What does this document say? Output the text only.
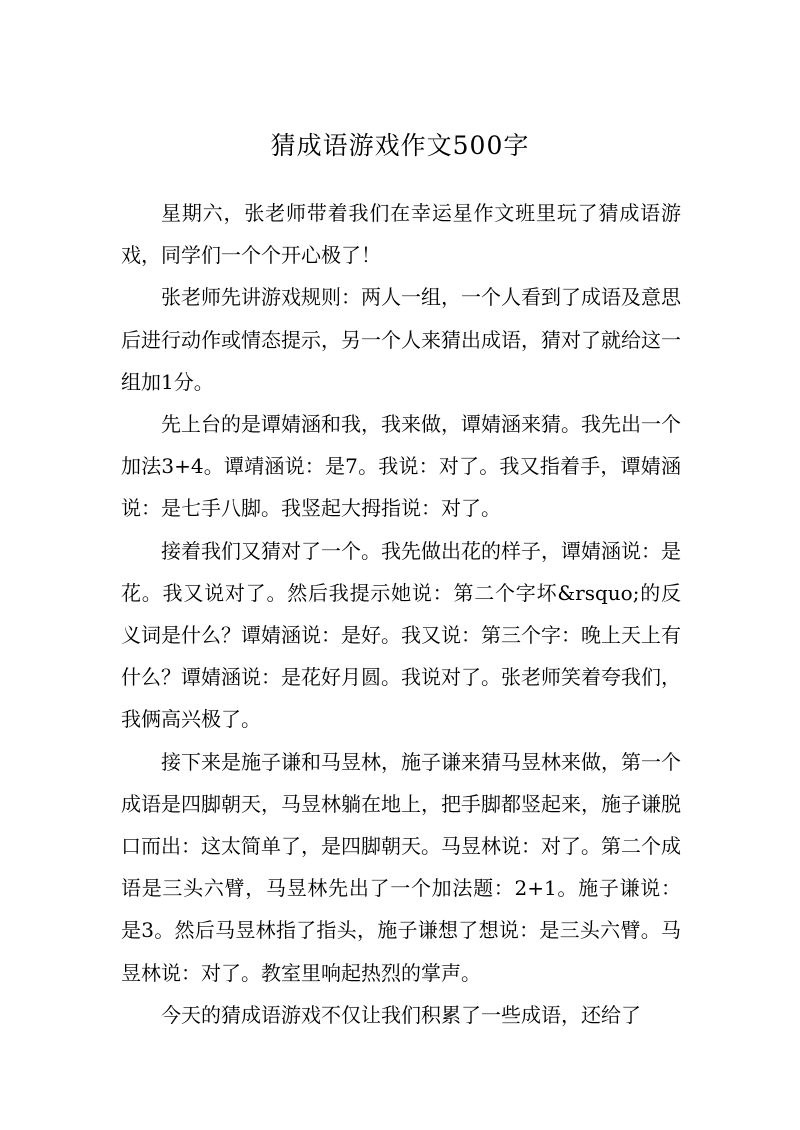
猜成语游戏作文500字

星期六，张老师带着我们在幸运星作文班里玩了猜成语游戏，同学们一个个开心极了！

张老师先讲游戏规则：两人一组，一个人看到了成语及意思后进行动作或情态提示，另一个人来猜出成语，猜对了就给这一组加1分。

先上台的是谭婧涵和我，我来做，谭婧涵来猜。我先出一个加法3+4。谭靖涵说：是7。我说：对了。我又指着手，谭婧涵说：是七手八脚。我竖起大拇指说：对了。

接着我们又猜对了一个。我先做出花的样子，谭婧涵说：是花。我又说对了。然后我提示她说：第二个字坏&rsquo;的反义词是什么？谭婧涵说：是好。我又说：第三个字：晚上天上有什么？谭婧涵说：是花好月圆。我说对了。张老师笑着夸我们，我俩高兴极了。

接下来是施子谦和马昱林，施子谦来猜马昱林来做，第一个成语是四脚朝天，马昱林躺在地上，把手脚都竖起来，施子谦脱口而出：这太简单了，是四脚朝天。马昱林说：对了。第二个成语是三头六臂，马昱林先出了一个加法题：2+1。施子谦说：是3。然后马昱林指了指头，施子谦想了想说：是三头六臂。马昱林说：对了。教室里响起热烈的掌声。

今天的猜成语游戏不仅让我们积累了一些成语，还给了
